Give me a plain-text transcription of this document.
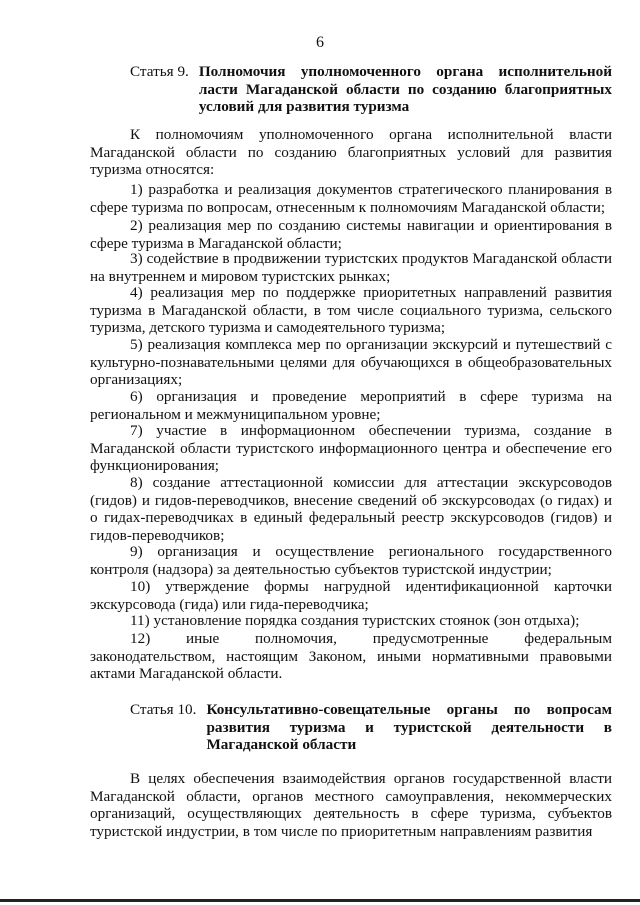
6
Статья 9. Полномочия уполномоченного органа исполнительной ласти Магаданской области по созданию благоприятных условий для развития туризма

К полномочиям уполномоченного органа исполнительной власти Магаданской области по созданию благоприятных условий для развития туризма относятся:

1) разработка и реализация документов стратегического планирования в сфере туризма по вопросам, отнесенным к полномочиям Магаданской области;

2) реализация мер по созданию системы навигации и ориентирования в сфере туризма в Магаданской области;

3) содействие в продвижении туристских продуктов Магаданской области на внутреннем и мировом туристских рынках;

4) реализация мер по поддержке приоритетных направлений развития туризма в Магаданской области, в том числе социального туризма, сельского туризма, детского туризма и самодеятельного туризма;

5) реализация комплекса мер по организации экскурсий и путешествий с культурно-познавательными целями для обучающихся в общеобразовательных организациях;

6) организация и проведение мероприятий в сфере туризма на региональном и межмуниципальном уровне;

7) участие в информационном обеспечении туризма, создание в Магаданской области туристского информационного центра и обеспечение его функционирования;

8) создание аттестационной комиссии для аттестации экскурсоводов (гидов) и гидов-переводчиков, внесение сведений об экскурсоводах (о гидах) и о гидах-переводчиках в единый федеральный реестр экскурсоводов (гидов) и гидов-переводчиков;

9) организация и осуществление регионального государственного контроля (надзора) за деятельностью субъектов туристской индустрии;

10) утверждение формы нагрудной идентификационной карточки экскурсовода (гида) или гида-переводчика;

11) установление порядка создания туристских стоянок (зон отдыха);

12) иные полномочия, предусмотренные федеральным законодательством, настоящим Законом, иными нормативными правовыми актами Магаданской области.

Статья 10. Консультативно-совещательные органы по вопросам развития туризма и туристской деятельности в Магаданской области

В целях обеспечения взаимодействия органов государственной власти Магаданской области, органов местного самоуправления, некоммерческих организаций, осуществляющих деятельность в сфере туризма, субъектов туристской индустрии, в том числе по приоритетным направлениям развития
